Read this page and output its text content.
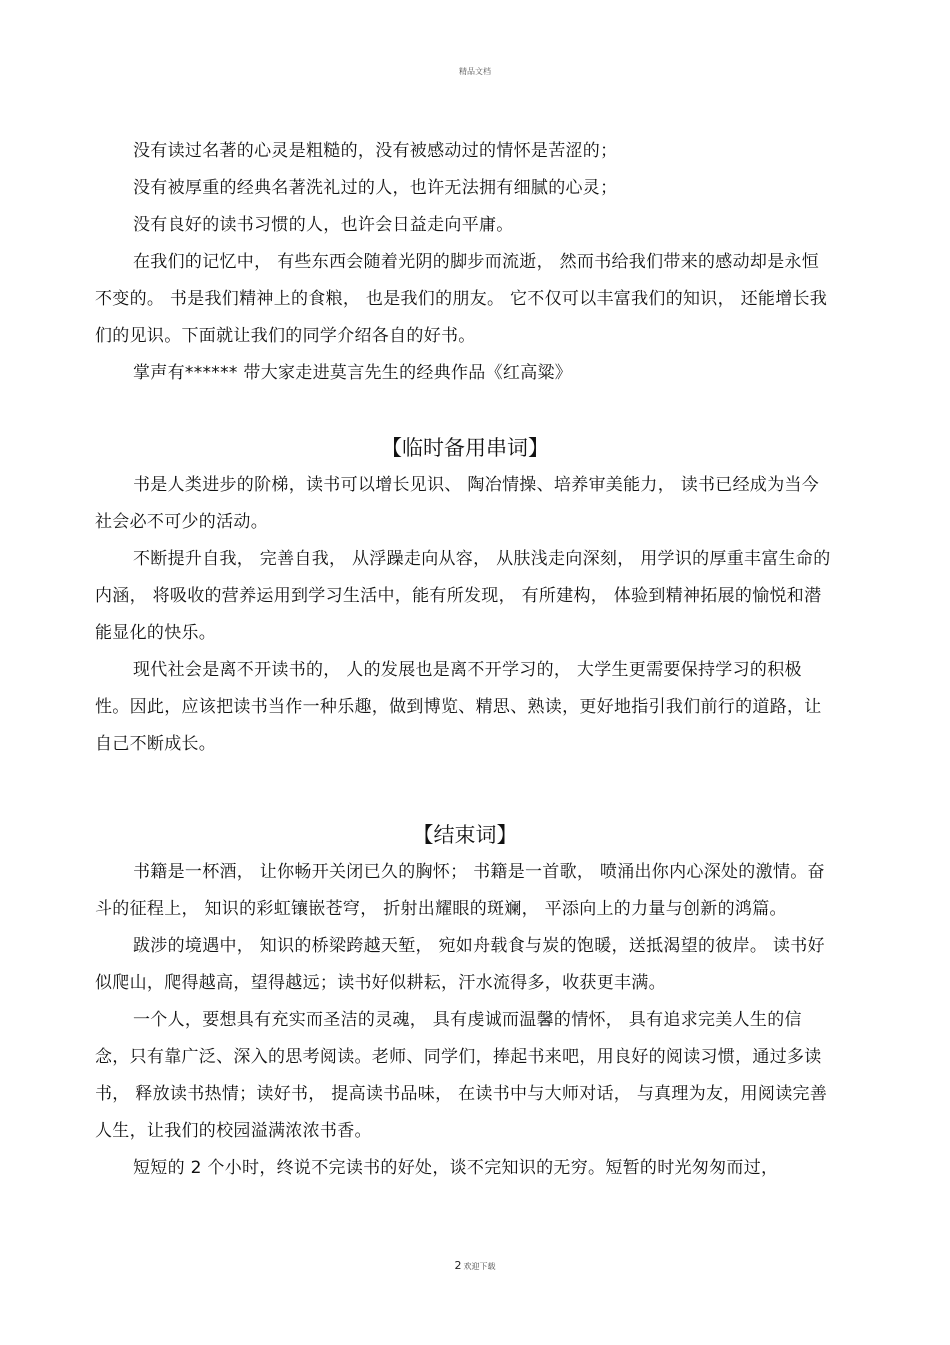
精品文档

没有读过名著的心灵是粗糙的，没有被感动过的情怀是苦涩的；

没有被厚重的经典名著洗礼过的人，也许无法拥有细腻的心灵；

没有良好的读书习惯的人，也许会日益走向平庸。

在我们的记忆中， 有些东西会随着光阴的脚步而流逝， 然而书给我们带来的感动却是永恒不变的。 书是我们精神上的食粮， 也是我们的朋友。 它不仅可以丰富我们的知识， 还能增长我们的见识。下面就让我们的同学介绍各自的好书。

掌声有****** 带大家走进莫言先生的经典作品《红高粱》

【临时备用串词】

书是人类进步的阶梯，读书可以增长见识、 陶冶情操、培养审美能力， 读书已经成为当今社会必不可少的活动。

不断提升自我， 完善自我， 从浮躁走向从容， 从肤浅走向深刻， 用学识的厚重丰富生命的内涵， 将吸收的营养运用到学习生活中，能有所发现， 有所建构， 体验到精神拓展的愉悦和潜能显化的快乐。

现代社会是离不开读书的， 人的发展也是离不开学习的， 大学生更需要保持学习的积极性。因此，应该把读书当作一种乐趣，做到博览、精思、熟读，更好地指引我们前行的道路，让自己不断成长。

【结束词】

书籍是一杯酒， 让你畅开关闭已久的胸怀； 书籍是一首歌， 喷涌出你内心深处的激情。奋斗的征程上， 知识的彩虹镶嵌苍穹， 折射出耀眼的斑斓， 平添向上的力量与创新的鸿篇。

跋涉的境遇中， 知识的桥梁跨越天堑， 宛如舟载食与炭的饱暖，送抵渴望的彼岸。 读书好似爬山，爬得越高，望得越远；读书好似耕耘，汗水流得多，收获更丰满。

一个人，要想具有充实而圣洁的灵魂， 具有虔诚而温馨的情怀， 具有追求完美人生的信念，只有靠广泛、深入的思考阅读。老师、同学们，捧起书来吧，用良好的阅读习惯，通过多读书， 释放读书热情；读好书， 提高读书品味， 在读书中与大师对话， 与真理为友，用阅读完善人生，让我们的校园溢满浓浓书香。

短短的 2 个小时，终说不完读书的好处，谈不完知识的无穷。短暂的时光匆匆而过，

2 欢迎下载
